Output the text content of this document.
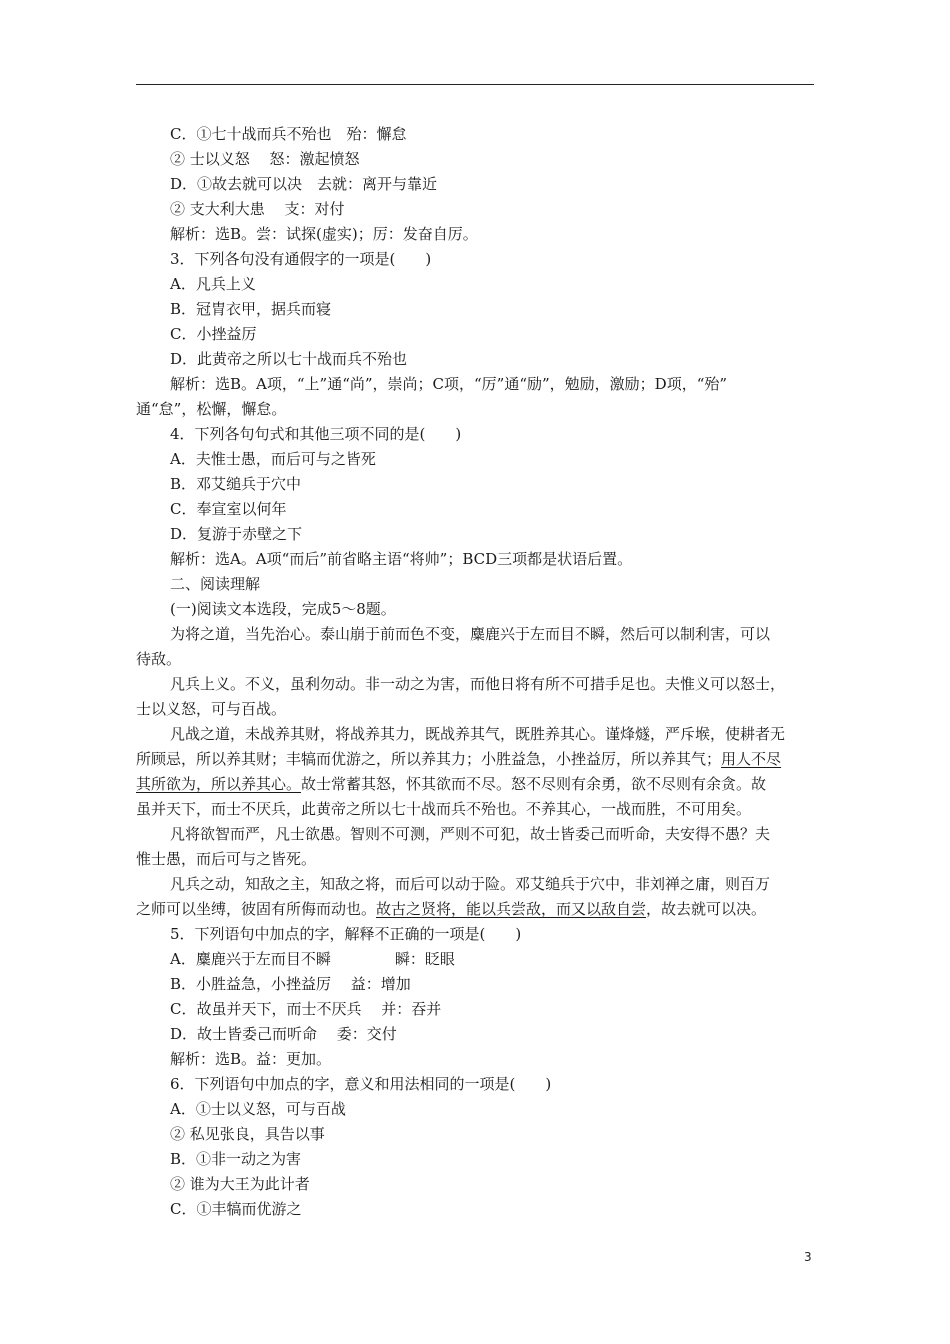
C．①七十战而兵不殆也　殆：懈怠
② 士以义怒　 怒：激起愤怒
D．①故去就可以决　去就：离开与靠近
② 支大利大患　 支：对付
解析：选B。尝：试探(虚实)；厉：发奋自厉。
3．下列各句没有通假字的一项是(　　)
A．凡兵上义
B．冠胄衣甲，据兵而寝
C．小挫益厉
D．此黄帝之所以七十战而兵不殆也
解析：选B。A项，“上”通“尚”，崇尚；C项，“厉”通“励”，勉励，激励；D项，“殆”
通“怠”，松懈，懈怠。
4．下列各句句式和其他三项不同的是(　　)
A．夫惟士愚，而后可与之皆死
B．邓艾缒兵于穴中
C．奉宣室以何年
D．复游于赤壁之下
解析：选A。A项“而后”前省略主语“将帅”；BCD三项都是状语后置。
二、阅读理解
(一)阅读文本选段，完成5～8题。
为将之道，当先治心。泰山崩于前而色不变，麋鹿兴于左而目不瞬，然后可以制利害，可以
待敌。
凡兵上义。不义，虽利勿动。非一动之为害，而他日将有所不可措手足也。夫惟义可以怒士，
士以义怒，可与百战。
凡战之道，未战养其财，将战养其力，既战养其气，既胜养其心。谨烽燧，严斥堠，使耕者无
所顾忌，所以养其财；丰犒而优游之，所以养其力；小胜益急，小挫益厉，所以养其气；用人不尽
其所欲为，所以养其心。故士常蓄其怒，怀其欲而不尽。怒不尽则有余勇，欲不尽则有余贪。故
虽并天下，而士不厌兵，此黄帝之所以七十战而兵不殆也。不养其心，一战而胜，不可用矣。
凡将欲智而严，凡士欲愚。智则不可测，严则不可犯，故士皆委己而听命，夫安得不愚？夫
惟士愚，而后可与之皆死。
凡兵之动，知敌之主，知敌之将，而后可以动于险。邓艾缒兵于穴中，非刘禅之庸，则百万
之师可以坐缚，彼固有所侮而动也。故古之贤将，能以兵尝敌，而又以敌自尝，故去就可以决。
5．下列语句中加点的字，解释不正确的一项是(　　)
A．麋鹿兴于左而目不瞬	瞬：眨眼
B．小胜益急，小挫益厉　 益：增加
C．故虽并天下，而士不厌兵　 并：吞并
D．故士皆委己而听命　 委：交付
解析：选B。益：更加。
6．下列语句中加点的字，意义和用法相同的一项是(　　)
A．①士以义怒，可与百战
② 私见张良，具告以事
B．①非一动之为害
② 谁为大王为此计者
C．①丰犒而优游之
3
